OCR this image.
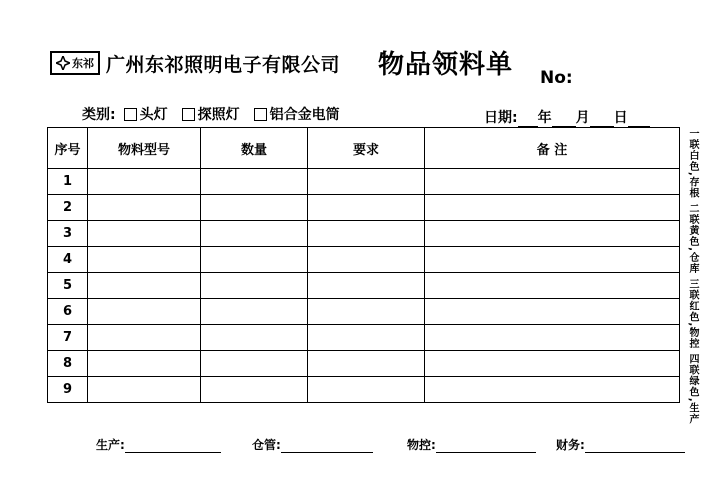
东祁 广州东祁照明电子有限公司 物品领料单 No:
类别: 头灯 探照灯 铝合金电筒	日期: 年 月 日
序号	物料型号	数量	要求	备 注
1				
2				
3				
4				
5				
6				
7				
8				
9					一联白色,存根 二联黄色,仓库 三联红色,物控 四联绿色,生产
生产:	仓管:	物控:	财务:
